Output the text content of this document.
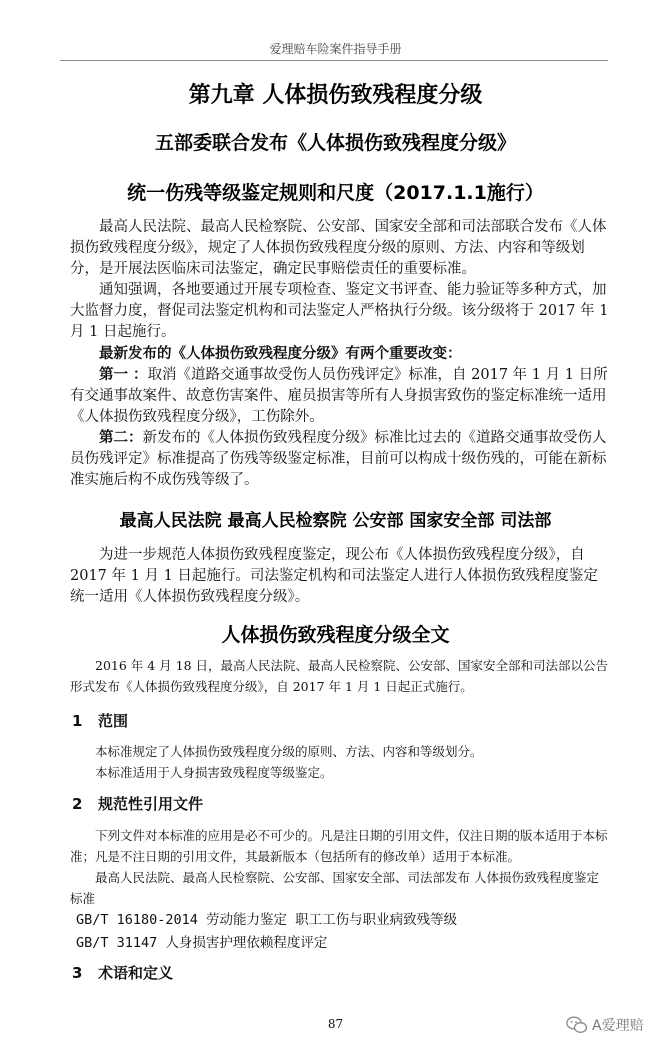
爱理赔车险案件指导手册
第九章 人体损伤致残程度分级
五部委联合发布《人体损伤致残程度分级》
统一伤残等级鉴定规则和尺度（2017.1.1施行）
最高人民法院、最高人民检察院、公安部、国家安全部和司法部联合发布《人体损伤致残程度分级》，规定了人体损伤致残程度分级的原则、方法、内容和等级划分，是开展法医临床司法鉴定，确定民事赔偿责任的重要标准。
通知强调，各地要通过开展专项检查、鉴定文书评查、能力验证等多种方式，加大监督力度，督促司法鉴定机构和司法鉴定人严格执行分级。该分级将于 2017 年 1 月 1 日起施行。
最新发布的《人体损伤致残程度分级》有两个重要改变：
第一 ：取消《道路交通事故受伤人员伤残评定》标准，自 2017 年 1 月 1 日所有交通事故案件、故意伤害案件、雇员损害等所有人身损害致伤的鉴定标准统一适用《人体损伤致残程度分级》，工伤除外。
第二：新发布的《人体损伤致残程度分级》标准比过去的《道路交通事故受伤人员伤残评定》标准提高了伤残等级鉴定标准，目前可以构成十级伤残的，可能在新标准实施后构不成伤残等级了。
最高人民法院 最高人民检察院 公安部 国家安全部 司法部
为进一步规范人体损伤致残程度鉴定，现公布《人体损伤致残程度分级》，自 2017 年 1 月 1 日起施行。司法鉴定机构和司法鉴定人进行人体损伤致残程度鉴定统一适用《人体损伤致残程度分级》。
人体损伤致残程度分级全文
2016 年 4 月 18 日，最高人民法院、最高人民检察院、公安部、国家安全部和司法部以公告形式发布《人体损伤致残程度分级》，自 2017 年 1 月 1 日起正式施行。
1 范围
本标准规定了人体损伤致残程度分级的原则、方法、内容和等级划分。
本标准适用于人身损害致残程度等级鉴定。
2 规范性引用文件
下列文件对本标准的应用是必不可少的。凡是注日期的引用文件，仅注日期的版本适用于本标准；凡是不注日期的引用文件，其最新版本（包括所有的修改单）适用于本标准。
最高人民法院、最高人民检察院、公安部、国家安全部、司法部发布 人体损伤致残程度鉴定标准
GB/T 16180-2014 劳动能力鉴定 职工工伤与职业病致残等级
GB/T 31147 人身损害护理依赖程度评定
3 术语和定义
87	A爱理赔
